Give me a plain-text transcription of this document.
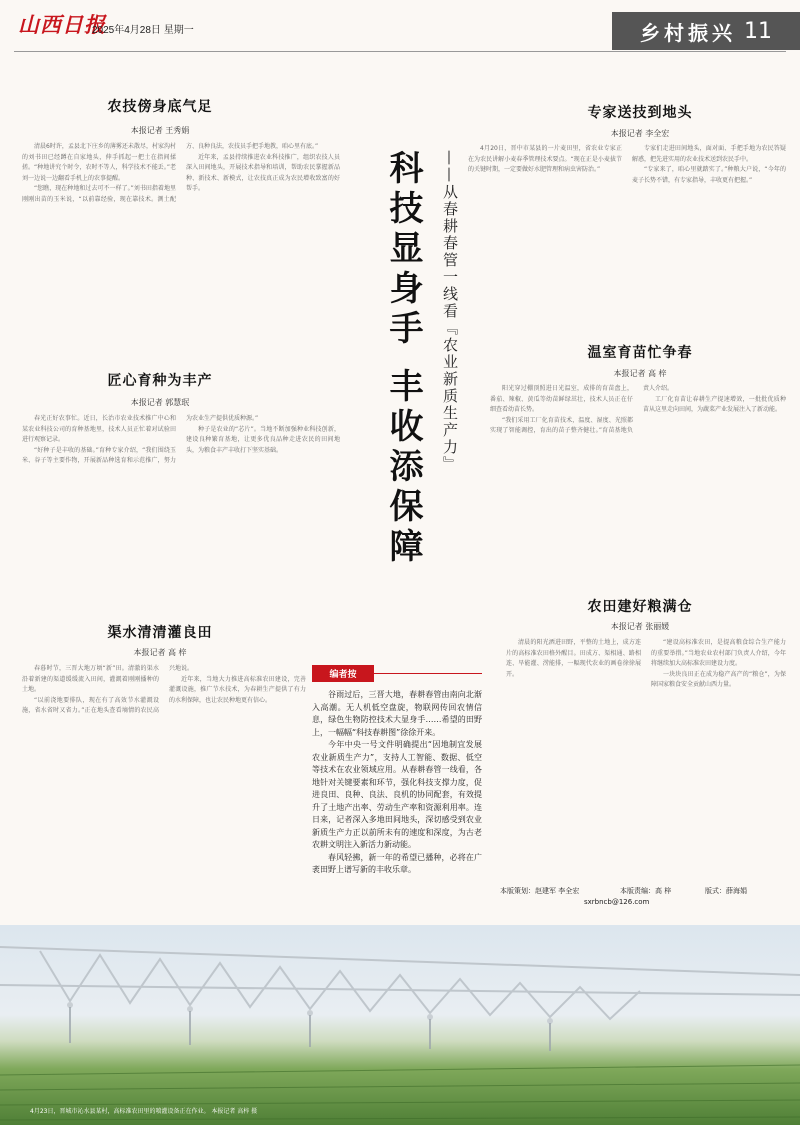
山西日报
2025年4月28日 星期一	乡村振兴 11
农技傍身底气足
本报记者 王秀娟

清晨6时许，孟县北下庄乡的薄雾还未散尽，村家沟村的刘书田已经蹲在自家地头，伸手抓起一把土在指间揉搓。“种地讲究个时令，农时不等人，科学技术不能丢。”老刘一边说一边翻看手机上的农事提醒。

“您瞧，现在种地和过去可不一样了。”刘书田指着地里刚刚出苗的玉米说，“以前靠经验，现在靠技术。测土配方、良种良法，农技员手把手地教，咱心里有底。”

近年来，孟县持续推进农业科技推广，组织农技人员深入田间地头，开展技术指导和培训，帮助农民掌握新品种、新技术、新模式，让农技真正成为农民增收致富的好帮手。

匠心育种为丰产
本报记者 郭慧珉

春光正好农事忙。近日，长治市农业技术推广中心和某农业科技公司的育种基地里，技术人员正忙着对试验田进行观察记录。

“好种子是丰收的基础。”育种专家介绍，“我们围绕玉米、谷子等主要作物，开展新品种选育和示范推广，努力为农业生产提供优质种源。”

种子是农业的“芯片”。当地不断加强种业科技创新，建设良种繁育基地，让更多优良品种走进农民的田间地头，为粮食丰产丰收打下坚实基础。

渠水清清灌良田
本报记者 高 梓

春暮时节，三晋大地万顷“新”田。清澈的渠水沿着新建的渠道缓缓流入田间，灌溉着刚刚播种的土地。

“以前浇地要排队，现在有了高效节水灌溉设施，省水省时又省力。”正在地头查看墒情的农民高兴地说。

近年来，当地大力推进高标准农田建设，完善灌溉设施，推广节水技术，为春耕生产提供了有力的水利保障，也让农民种地更有信心。

科技显身手 丰收添保障 ——从春耕春管一线看『农业新质生产力』
编者按

谷雨过后，三晋大地，春耕春管由南向北渐入高潮。无人机低空盘旋，物联网传回农情信息，绿色生物防控技术大显身手……希望的田野上，一幅幅“科技春耕图”徐徐开来。

今年中央一号文件明确提出“因地制宜发展农业新质生产力”，支持人工智能、数据、低空等技术在农业领域应用。从春耕春管一线看，各地针对关键要素和环节，强化科技支撑力度，促进良田、良种、良法、良机的协同配套，有效提升了土地产出率、劳动生产率和资源利用率。连日来，记者深入多地田间地头，深切感受到农业新质生产力正以前所未有的速度和深度，为古老农耕文明注入新活力新动能。

春风轻拂，新一年的希望已播种，必将在广袤田野上谱写新的丰收乐章。

专家送技到地头
本报记者 李全宏

4月20日，晋中市某县的一片麦田里，省农业专家正在为农民讲解小麦春季管理技术要点。“现在正是小麦拔节的关键时期，一定要做好水肥管理和病虫害防治。”

专家们走进田间地头，面对面、手把手地为农民答疑解惑，把先进实用的农业技术送到农民手中。

“专家来了，咱心里就踏实了。”种粮大户说，“今年的麦子长势不错，有专家指导，丰收更有把握。”

温室育苗忙争春
本报记者 高 梓

阳光穿过棚顶照进日光温室，成排的育苗盘上，番茄、辣椒、黄瓜等幼苗鲜绿茁壮，技术人员正在仔细查看幼苗长势。

“我们采用工厂化育苗技术，温度、湿度、光照都实现了智能调控，育出的苗子整齐健壮。”育苗基地负责人介绍。

工厂化育苗让春耕生产提速增效，一批批优质种苗从这里走向田间，为蔬菜产业发展注入了新动能。

农田建好粮满仓
本报记者 张丽媛

清晨的阳光洒进田野，平整的土地上，成方连片的高标准农田格外醒目。田成方、渠相通、路相连、旱能灌、涝能排，一幅现代农业的画卷徐徐展开。

“建设高标准农田，是提高粮食综合生产能力的重要举措。”当地农业农村部门负责人介绍，今年将继续加大高标准农田建设力度。

一块块良田正在成为稳产高产的“粮仓”，为保障国家粮食安全贡献山西力量。

本版策划：赵建军 李全宏	本版责编：高 梓	版式：薛海娟
sxrbncb@126.com
4月23日，晋城市沁水县某村，高标准农田里的喷灌设备正在作业。 本报记者 高梓 摄
